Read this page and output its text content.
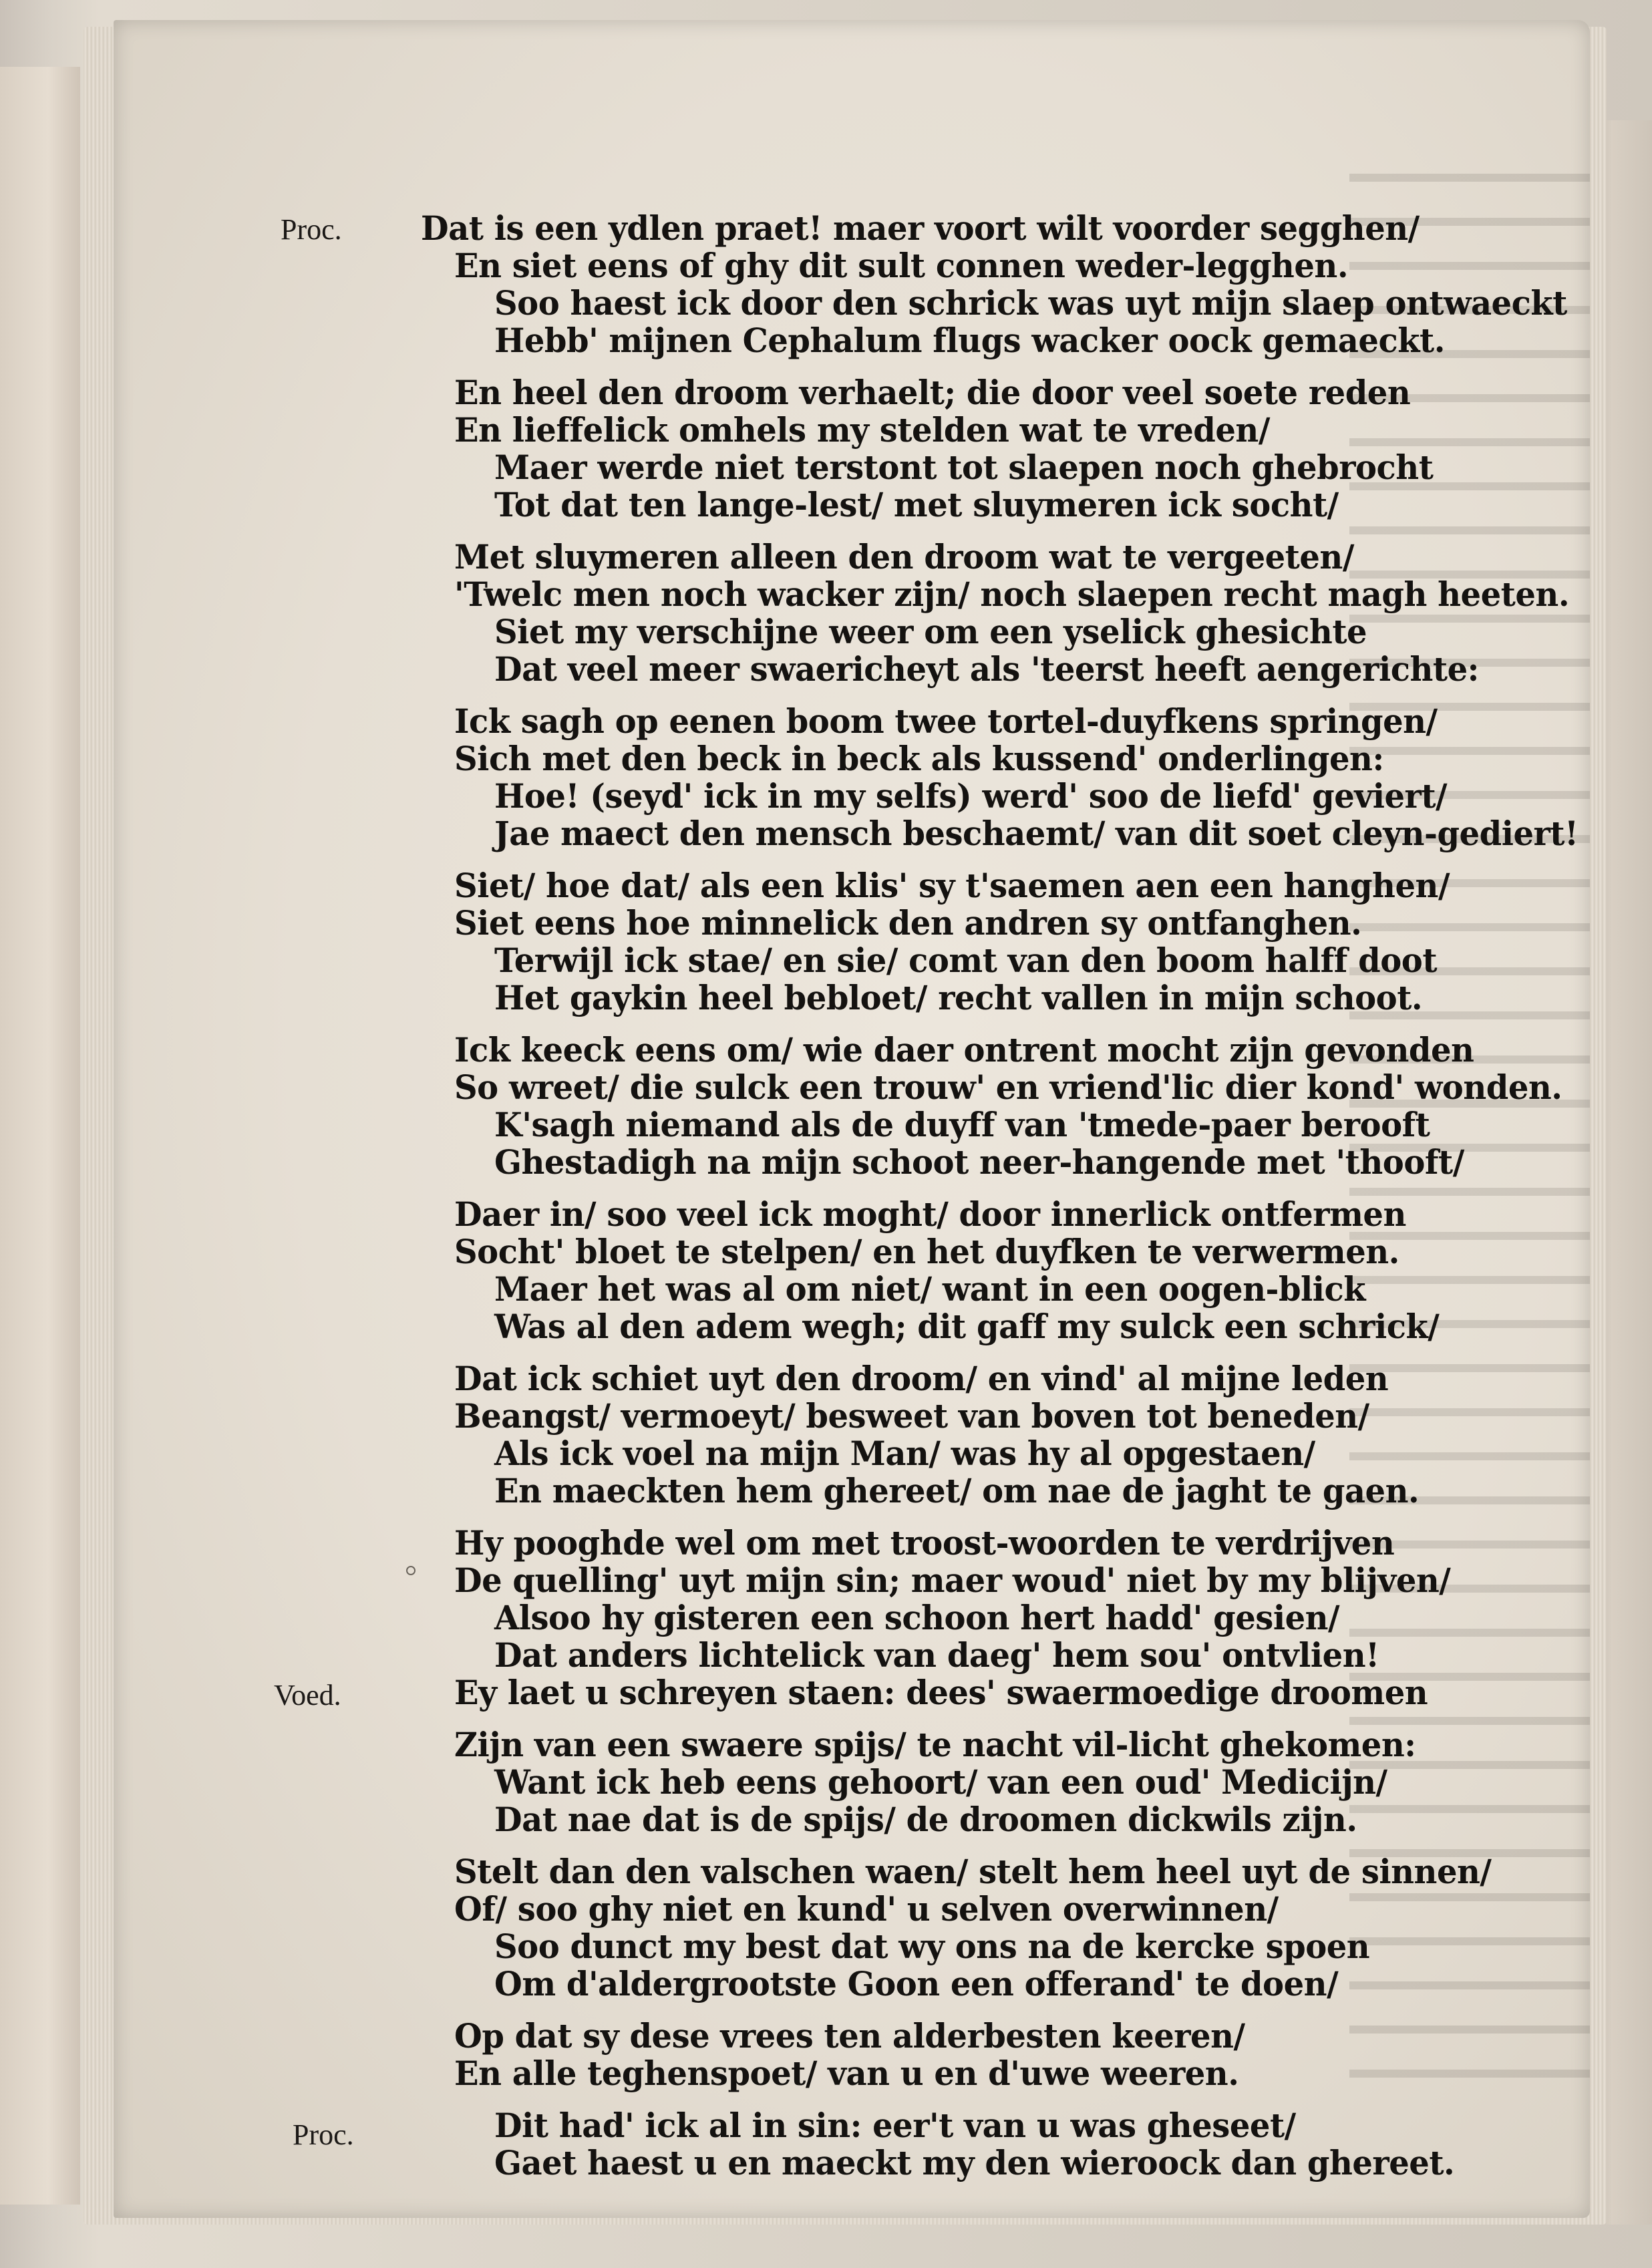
Proc.
Voed.
Proc.
Dat is een ydlen praet! maer voort wilt voorder segghen/
En siet eens of ghy dit sult connen weder-legghen.
Soo haest ick door den schrick was uyt mijn slaep ontwaeckt
Hebb' mijnen Cephalum flugs wacker oock gemaeckt.
En heel den droom verhaelt; die door veel soete reden
En lieffelick omhels my stelden wat te vreden/
Maer werde niet terstont tot slaepen noch ghebrocht
Tot dat ten lange-lest/ met sluymeren ick socht/
Met sluymeren alleen den droom wat te vergeeten/
'Twelc men noch wacker zijn/ noch slaepen recht magh heeten.
Siet my verschijne weer om een yselick ghesichte
Dat veel meer swaericheyt als 'teerst heeft aengerichte:
Ick sagh op eenen boom twee tortel-duyfkens springen/
Sich met den beck in beck als kussend' onderlingen:
Hoe! (seyd' ick in my selfs) werd' soo de liefd' geviert/
Jae maect den mensch beschaemt/ van dit soet cleyn-gediert!
Siet/ hoe dat/ als een klis' sy t'saemen aen een hanghen/
Siet eens hoe minnelick den andren sy ontfanghen.
Terwijl ick stae/ en sie/ comt van den boom halff doot
Het gaykin heel bebloet/ recht vallen in mijn schoot.
Ick keeck eens om/ wie daer ontrent mocht zijn gevonden
So wreet/ die sulck een trouw' en vriend'lic dier kond' wonden.
K'sagh niemand als de duyff van 'tmede-paer berooft
Ghestadigh na mijn schoot neer-hangende met 'thooft/
Daer in/ soo veel ick moght/ door innerlick ontfermen
Socht' bloet te stelpen/ en het duyfken te verwermen.
Maer het was al om niet/ want in een oogen-blick
Was al den adem wegh; dit gaff my sulck een schrick/
Dat ick schiet uyt den droom/ en vind' al mijne leden
Beangst/ vermoeyt/ besweet van boven tot beneden/
Als ick voel na mijn Man/ was hy al opgestaen/
En maeckten hem ghereet/ om nae de jaght te gaen.
Hy pooghde wel om met troost-woorden te verdrijven
De quelling' uyt mijn sin; maer woud' niet by my blijven/
Alsoo hy gisteren een schoon hert hadd' gesien/
Dat anders lichtelick van daeg' hem sou' ontvlien!
Ey laet u schreyen staen: dees' swaermoedige droomen
Zijn van een swaere spijs/ te nacht vil-licht ghekomen:
Want ick heb eens gehoort/ van een oud' Medicijn/
Dat nae dat is de spijs/ de droomen dickwils zijn.
Stelt dan den valschen waen/ stelt hem heel uyt de sinnen/
Of/ soo ghy niet en kund' u selven overwinnen/
Soo dunct my best dat wy ons na de kercke spoen
Om d'aldergrootste Goon een offerand' te doen/
Op dat sy dese vrees ten alderbesten keeren/
En alle teghenspoet/ van u en d'uwe weeren.
Dit had' ick al in sin: eer't van u was gheseet/
Gaet haest u en maeckt my den wieroock dan ghereet.
